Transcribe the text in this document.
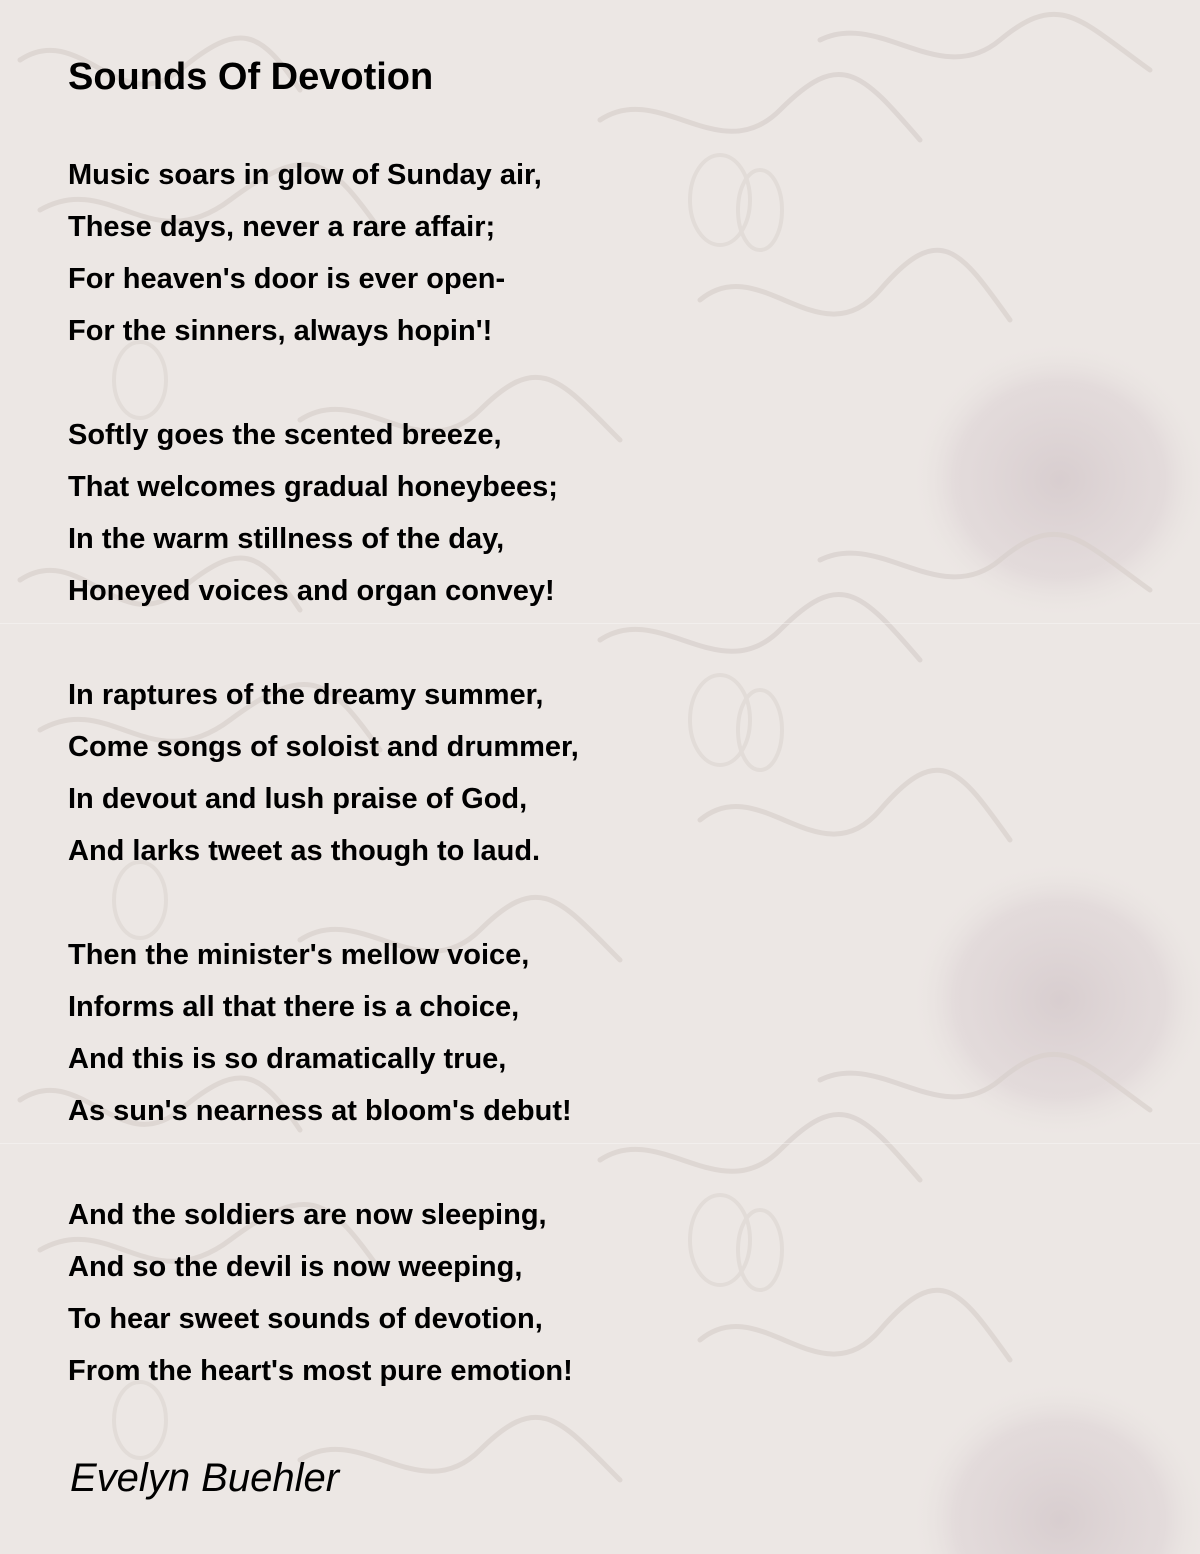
Sounds Of Devotion
Music soars in glow of Sunday air,
These days, never a rare affair;
For heaven's door is ever open-
For the sinners, always hopin'!
Softly goes the scented breeze,
That welcomes gradual honeybees;
In the warm stillness of the day,
Honeyed voices and organ convey!
In raptures of the dreamy summer,
Come songs of soloist and drummer,
In devout and lush praise of God,
And larks tweet as though to laud.
Then the minister's mellow voice,
Informs all that there is a choice,
And this is so dramatically true,
As sun's nearness at bloom's debut!
And the soldiers are now sleeping,
And so the devil is now weeping,
To hear sweet sounds of devotion,
From the heart's most pure emotion!
Evelyn Buehler
